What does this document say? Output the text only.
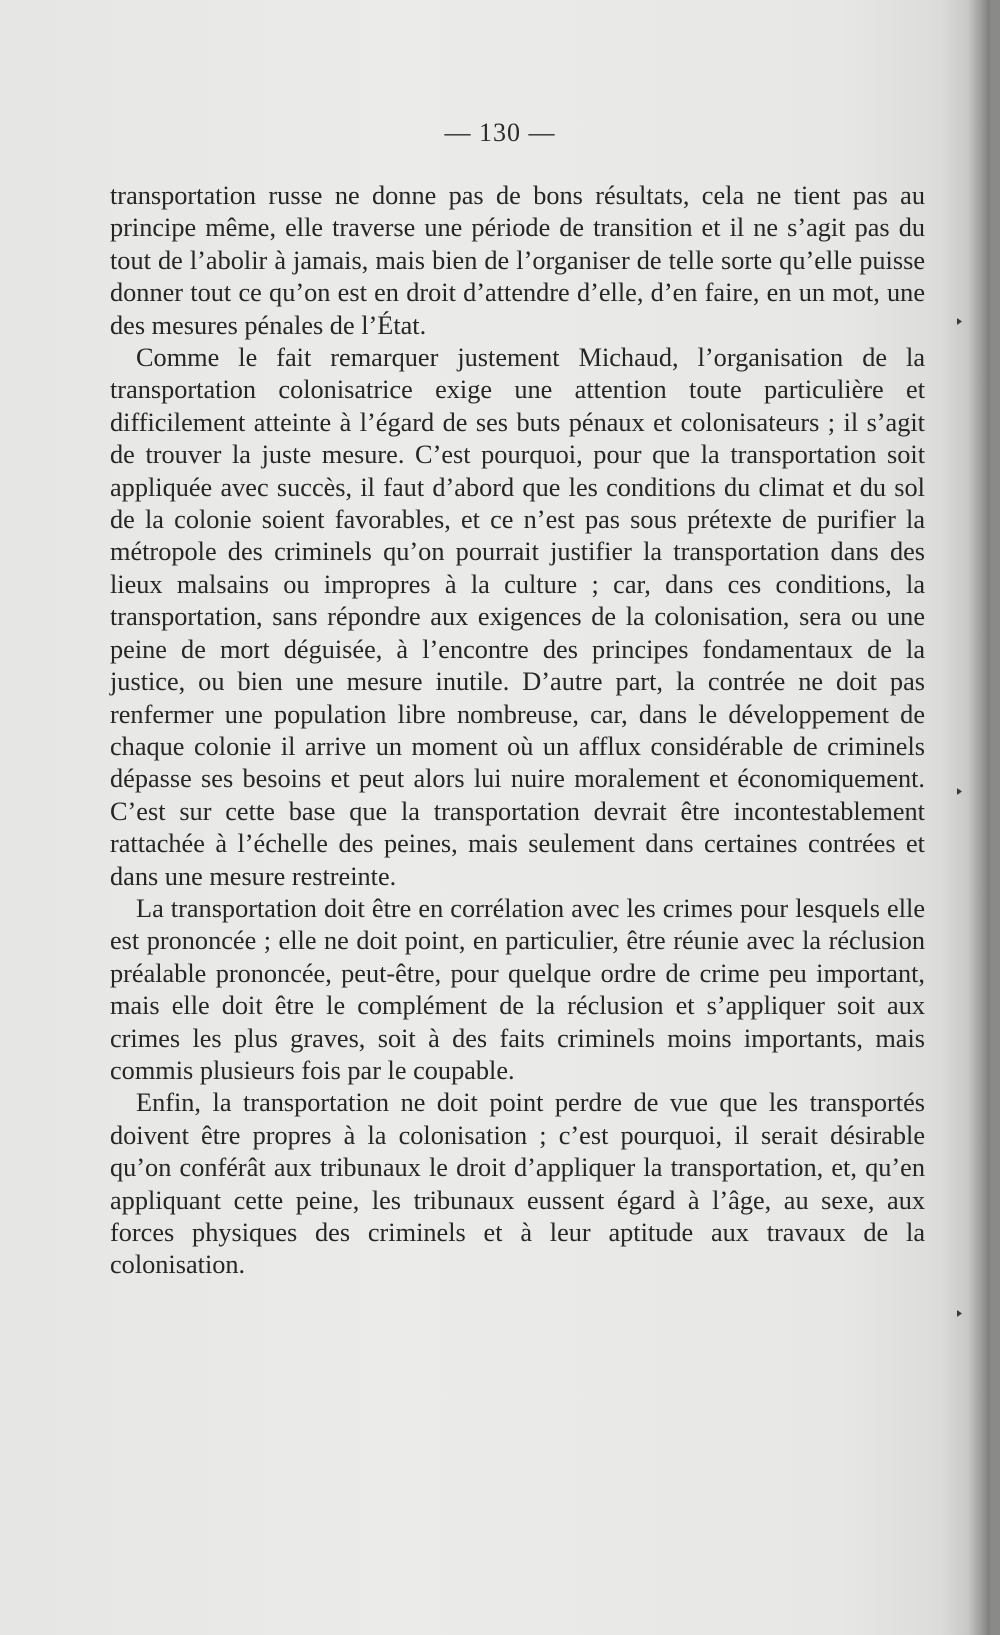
— 130 —

transportation russe ne donne pas de bons résultats, cela ne tient pas au principe même, elle traverse une période de transition et il ne s’agit pas du tout de l’abolir à jamais, mais bien de l’organiser de telle sorte qu’elle puisse donner tout ce qu’on est en droit d’attendre d’elle, d’en faire, en un mot, une des mesures pénales de l’État.

Comme le fait remarquer justement Michaud, l’organisation de la transportation colonisatrice exige une attention toute particulière et difficilement atteinte à l’égard de ses buts pénaux et colonisateurs ; il s’agit de trouver la juste mesure. C’est pourquoi, pour que la transportation soit appliquée avec succès, il faut d’abord que les conditions du climat et du sol de la colonie soient favorables, et ce n’est pas sous prétexte de purifier la métropole des criminels qu’on pourrait justifier la transportation dans des lieux malsains ou impropres à la culture ; car, dans ces conditions, la transportation, sans répondre aux exigences de la colonisation, sera ou une peine de mort déguisée, à l’encontre des principes fondamentaux de la justice, ou bien une mesure inutile. D’autre part, la contrée ne doit pas renfermer une population libre nombreuse, car, dans le développement de chaque colonie il arrive un moment où un afflux considérable de criminels dépasse ses besoins et peut alors lui nuire moralement et économiquement. C’est sur cette base que la transportation devrait être incontestablement rattachée à l’échelle des peines, mais seulement dans certaines contrées et dans une mesure restreinte.

La transportation doit être en corrélation avec les crimes pour lesquels elle est prononcée ; elle ne doit point, en particulier, être réunie avec la réclusion préalable prononcée, peut-être, pour quelque ordre de crime peu important, mais elle doit être le complément de la réclusion et s’appliquer soit aux crimes les plus graves, soit à des faits criminels moins importants, mais commis plusieurs fois par le coupable.

Enfin, la transportation ne doit point perdre de vue que les transportés doivent être propres à la colonisation ; c’est pourquoi, il serait désirable qu’on conférât aux tribunaux le droit d’appliquer la transportation, et, qu’en appliquant cette peine, les tribunaux eussent égard à l’âge, au sexe, aux forces physiques des criminels et à leur aptitude aux travaux de la colonisation.
